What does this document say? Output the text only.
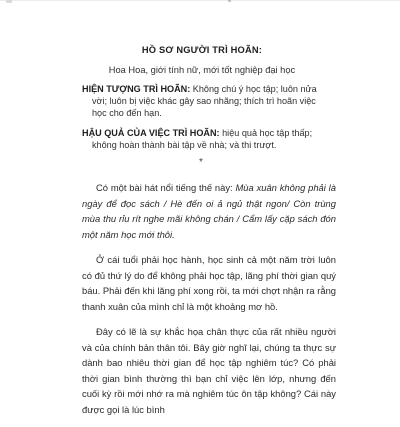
HỒ SƠ NGƯỜI TRÌ HOÃN:
Hoa Hoa, giới tính nữ, mới tốt nghiệp đại học

HIỆN TƯỢNG TRÌ HOÃN: Không chú ý học tập; luôn nửa vời; luôn bị việc khác gây sao nhãng; thích trì hoãn việc học cho đến hạn.

HẬU QUẢ CỦA VIỆC TRÌ HOÃN: hiệu quả học tập thấp; không hoàn thành bài tập về nhà; và thi trượt.

*

Có một bài hát nổi tiếng thế này: Mùa xuân không phải là ngày để đọc sách / Hè đến oi ả ngủ thật ngon/ Còn trùng mùa thu rỉu rít nghe mãi không chán / Cẩm lấy cặp sách đón một năm học mới thôi.

Ở cái tuổi phải học hành, học sinh cả một năm trời luôn có đủ thứ lý do để không phải học tập, lãng phí thời gian quý báu. Phải đến khi lăng phí xong rồi, ta mới chợt nhận ra rằng thanh xuân của mình chỉ là một khoảng mơ hồ.

Đây có lẽ là sự khắc họa chân thực của rất nhiều người và của chính bản thân tôi. Bây giờ nghĩ lại, chúng ta thực sự dành bao nhiêu thời gian để học tập nghiêm túc? Có phải thời gian bình thường thì bạn chỉ việc lên lớp, nhưng đến cuối kỳ rồi mới nhớ ra mà nghiêm túc ôn tập không? Cái này được gọi là lúc bình
